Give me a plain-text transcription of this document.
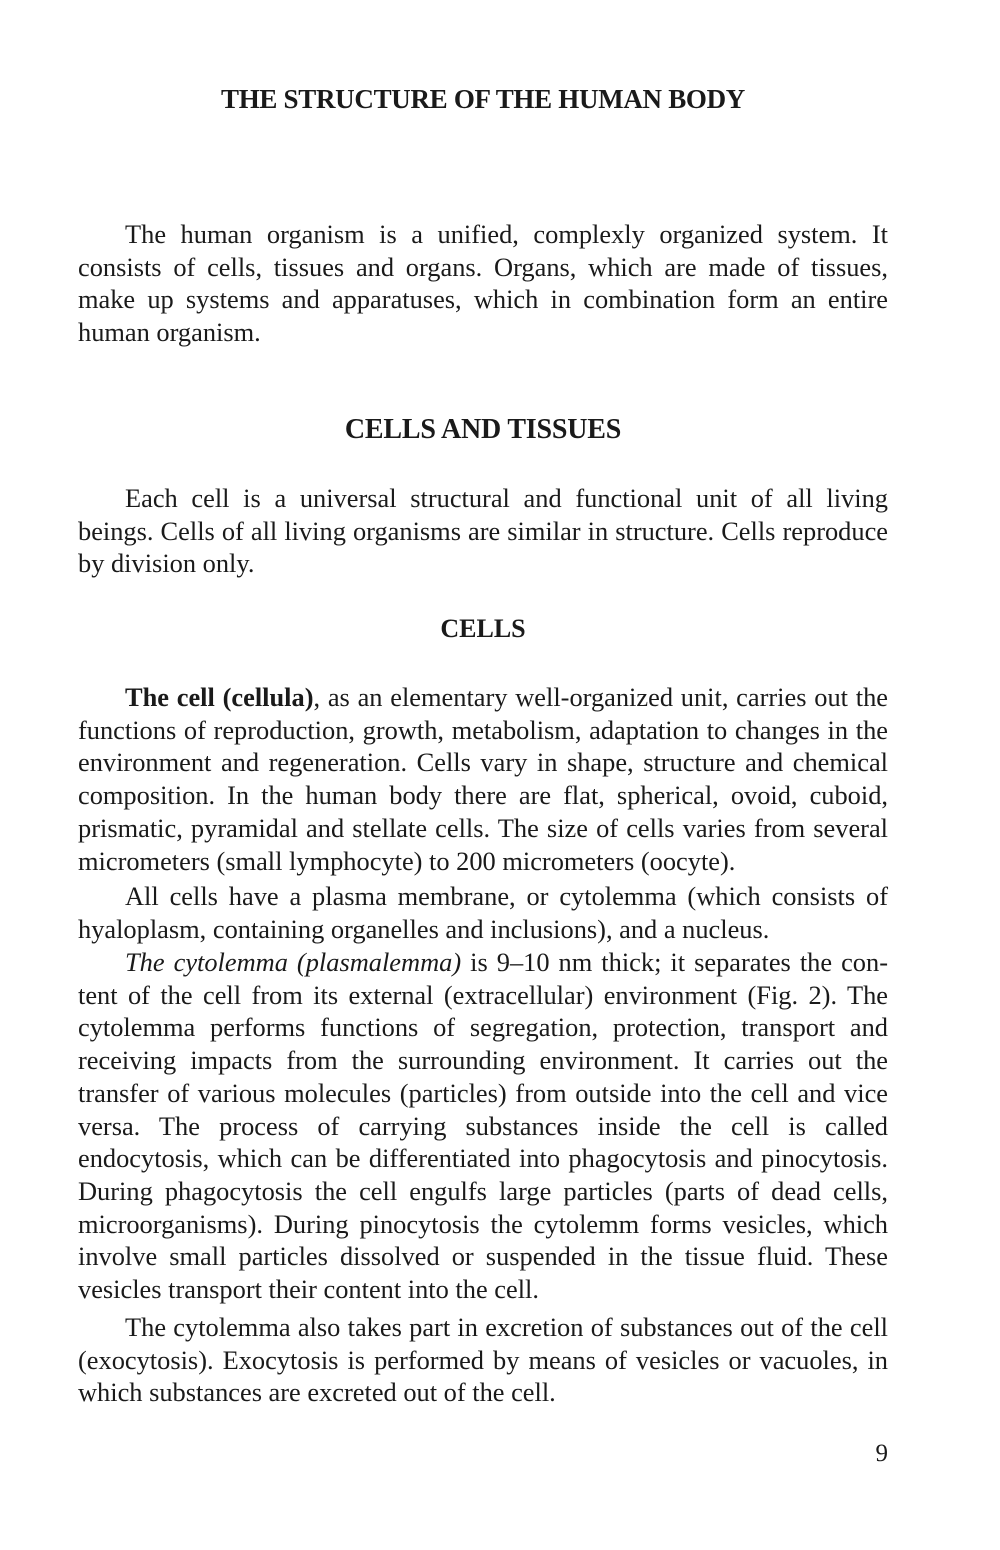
THE STRUCTURE OF THE HUMAN BODY

The human organism is a unified, complexly organized system. It consists of cells, tissues and organs. Organs, which are made of tissues, make up systems and apparatuses, which in combination form an entire human organism.

CELLS AND TISSUES

Each cell is a universal structural and functional unit of all living beings. Cells of all living organisms are similar in structure. Cells reproduce by division only.

CELLS

The cell (cellula), as an elementary well-organized unit, carries out the functions of reproduction, growth, metabolism, adaptation to changes in the environment and regeneration. Cells vary in shape, structure and chemical composition. In the human body there are flat, spherical, ovoid, cuboid, prismatic, pyramidal and stellate cells. The size of cells varies from several micrometers (small lymphocyte) to 200 micrometers (oocyte).

All cells have a plasma membrane, or cytolemma (which consists of hyaloplasm, containing organelles and inclusions), and a nucleus.

The cytolemma (plasmalemma) is 9–10 nm thick; it separates the content of the cell from its external (extracellular) environment (Fig. 2). The cytolemma performs functions of segregation, protection, transport and receiving impacts from the surrounding environment. It carries out the transfer of various molecules (particles) from outside into the cell and vice versa. The process of carrying substances inside the cell is called endocytosis, which can be differentiated into phagocytosis and pinocytosis. During phagocytosis the cell engulfs large particles (parts of dead cells, microorganisms). During pinocytosis the cytolemm forms vesicles, which involve small particles dissolved or suspended in the tissue fluid. These vesicles transport their content into the cell.

The cytolemma also takes part in excretion of substances out of the cell (exocytosis). Exocytosis is performed by means of vesicles or vacuoles, in which substances are excreted out of the cell.

9
